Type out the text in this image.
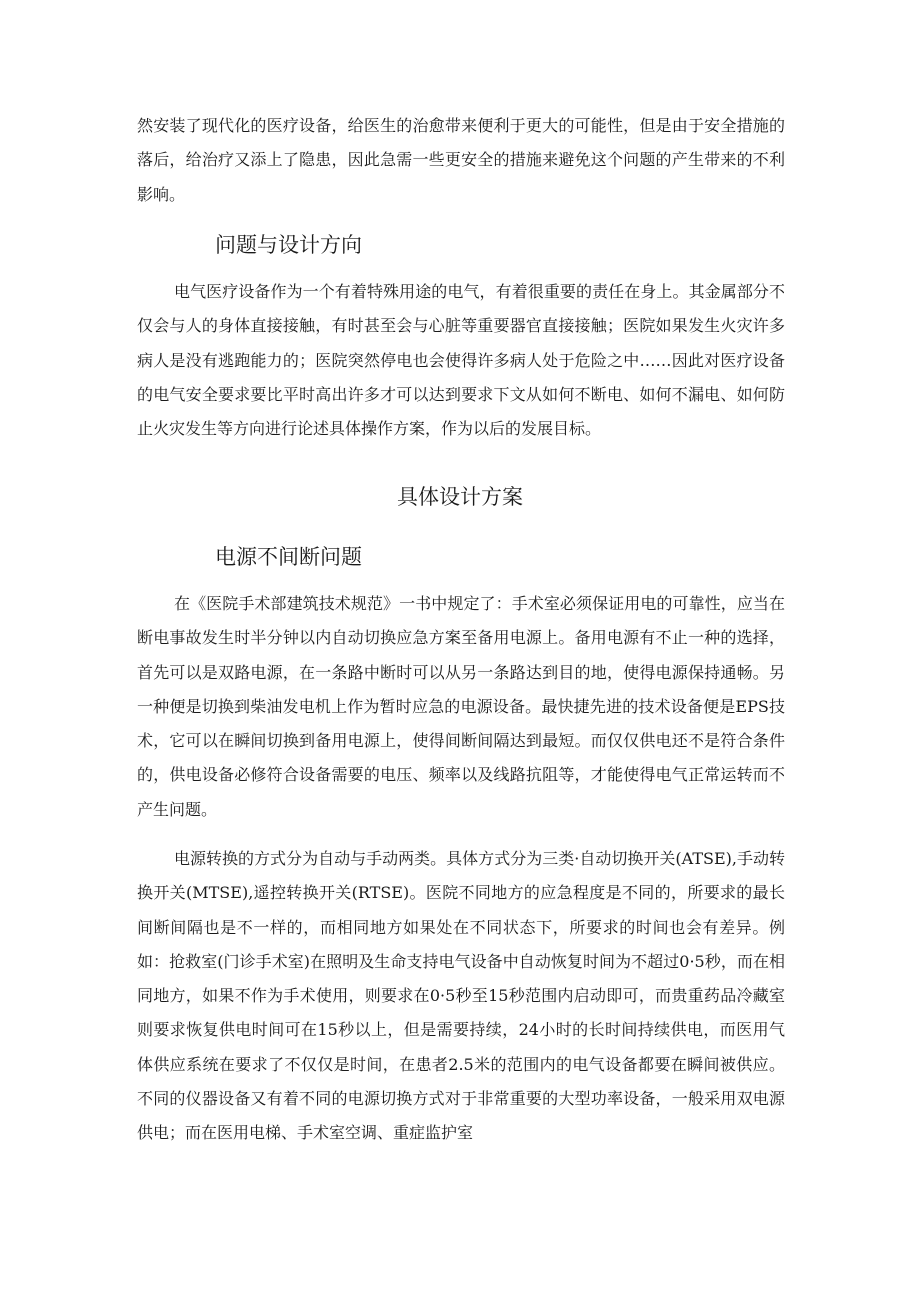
然安装了现代化的医疗设备，给医生的治愈带来便利于更大的可能性，但是由于安全措施的落后，给治疗又添上了隐患，因此急需一些更安全的措施来避免这个问题的产生带来的不利影响。

问题与设计方向

电气医疗设备作为一个有着特殊用途的电气，有着很重要的责任在身上。其金属部分不仅会与人的身体直接接触，有时甚至会与心脏等重要器官直接接触；医院如果发生火灾许多病人是没有逃跑能力的；医院突然停电也会使得许多病人处于危险之中……因此对医疗设备的电气安全要求要比平时高出许多才可以达到要求下文从如何不断电、如何不漏电、如何防止火灾发生等方向进行论述具体操作方案，作为以后的发展目标。

具体设计方案
电源不间断问题

在《医院手术部建筑技术规范》一书中规定了：手术室必须保证用电的可靠性，应当在断电事故发生时半分钟以内自动切换应急方案至备用电源上。备用电源有不止一种的选择，首先可以是双路电源，在一条路中断时可以从另一条路达到目的地，使得电源保持通畅。另一种便是切换到柴油发电机上作为暂时应急的电源设备。最快捷先进的技术设备便是EPS技术，它可以在瞬间切换到备用电源上，使得间断间隔达到最短。而仅仅供电还不是符合条件的，供电设备必修符合设备需要的电压、频率以及线路抗阻等，才能使得电气正常运转而不产生问题。

电源转换的方式分为自动与手动两类。具体方式分为三类·自动切换开关(ATSE),手动转换开关(MTSE),遥控转换开关(RTSE)。医院不同地方的应急程度是不同的，所要求的最长间断间隔也是不一样的，而相同地方如果处在不同状态下，所要求的时间也会有差异。例如：抢救室(门诊手术室)在照明及生命支持电气设备中自动恢复时间为不超过0·5秒，而在相同地方，如果不作为手术使用，则要求在0·5秒至15秒范围内启动即可，而贵重药品冷藏室则要求恢复供电时间可在15秒以上，但是需要持续，24小时的长时间持续供电，而医用气体供应系统在要求了不仅仅是时间，在患者2.5米的范围内的电气设备都要在瞬间被供应。不同的仪器设备又有着不同的电源切换方式对于非常重要的大型功率设备，一般采用双电源供电；而在医用电梯、手术室空调、重症监护室
